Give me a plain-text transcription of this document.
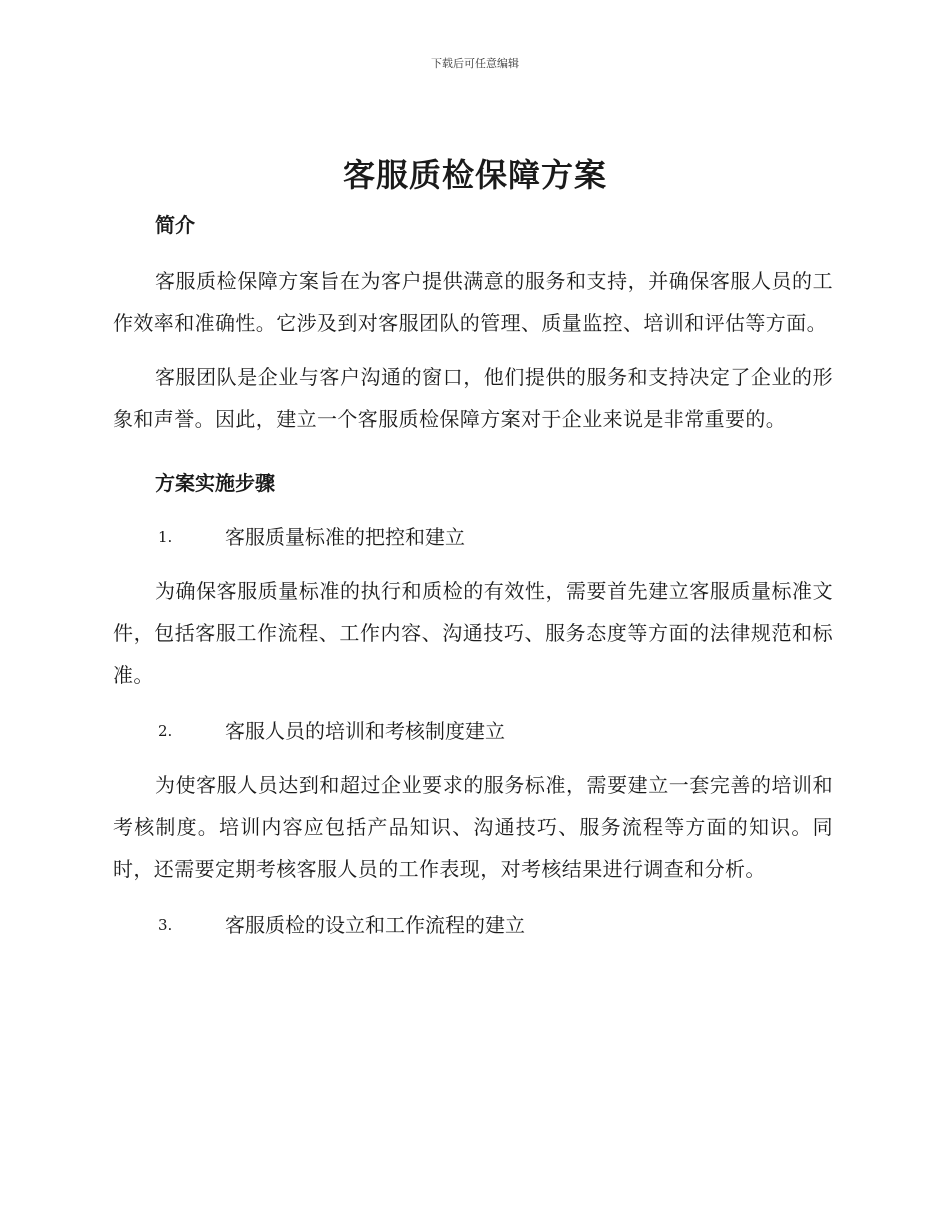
下载后可任意编辑
客服质检保障方案

简介

客服质检保障方案旨在为客户提供满意的服务和支持，并确保客服人员的工作效率和准确性。它涉及到对客服团队的管理、质量监控、培训和评估等方面。

客服团队是企业与客户沟通的窗口，他们提供的服务和支持决定了企业的形象和声誉。因此，建立一个客服质检保障方案对于企业来说是非常重要的。

方案实施步骤

1.	客服质量标准的把控和建立

为确保客服质量标准的执行和质检的有效性，需要首先建立客服质量标准文件，包括客服工作流程、工作内容、沟通技巧、服务态度等方面的法律规范和标准。

2.	客服人员的培训和考核制度建立

为使客服人员达到和超过企业要求的服务标准，需要建立一套完善的培训和考核制度。培训内容应包括产品知识、沟通技巧、服务流程等方面的知识。同时，还需要定期考核客服人员的工作表现，对考核结果进行调查和分析。

3.	客服质检的设立和工作流程的建立
